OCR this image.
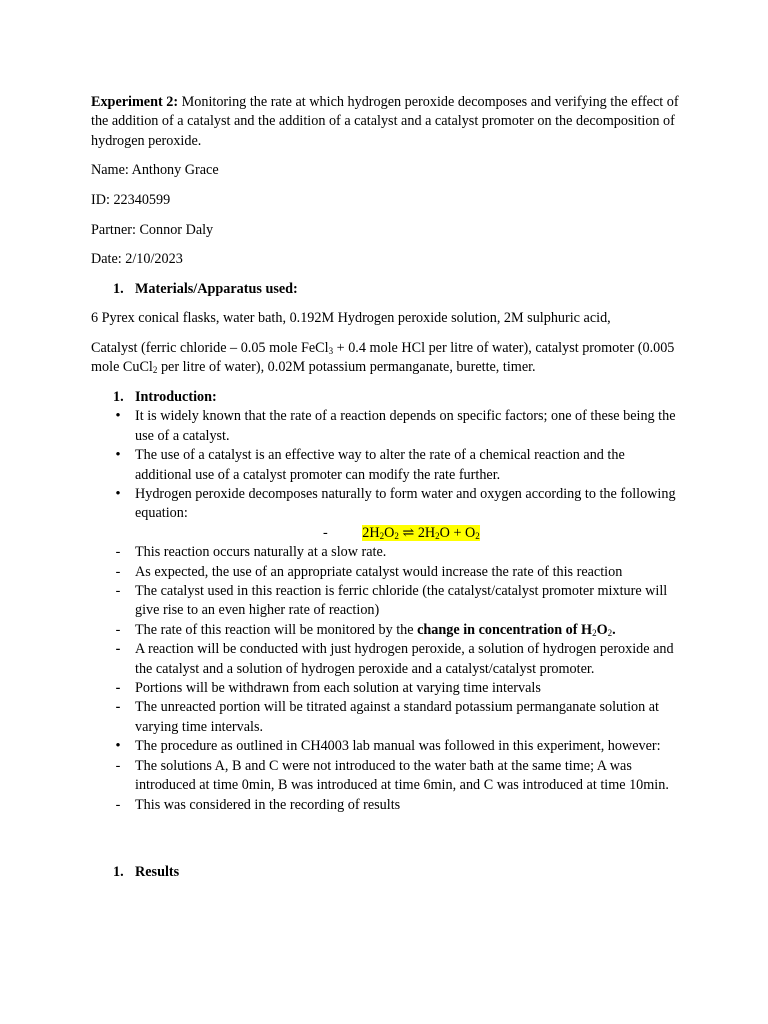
Experiment 2: Monitoring the rate at which hydrogen peroxide decomposes and verifying the effect of the addition of a catalyst and the addition of a catalyst and a catalyst promoter on the decomposition of hydrogen peroxide.

Name: Anthony Grace

ID: 22340599

Partner: Connor Daly

Date: 2/10/2023

1. Materials/Apparatus used:

6 Pyrex conical flasks, water bath, 0.192M Hydrogen peroxide solution, 2M sulphuric acid,

Catalyst (ferric chloride – 0.05 mole FeCl$_3$ + 0.4 mole HCl per litre of water), catalyst promoter (0.005 mole CuCl$_2$ per litre of water), 0.02M potassium permanganate, burette, timer.

1. Introduction:

•	It is widely known that the rate of a reaction depends on specific factors; one of these being the use of a catalyst.

•	The use of a catalyst is an effective way to alter the rate of a chemical reaction and the additional use of a catalyst promoter can modify the rate further.

•	Hydrogen peroxide decomposes naturally to form water and oxygen according to the following equation:

- $2H_2O_2$ ⇌ $2H_2O + O_2$

-	This reaction occurs naturally at a slow rate.

-	As expected, the use of an appropriate catalyst would increase the rate of this reaction

-	The catalyst used in this reaction is ferric chloride (the catalyst/catalyst promoter mixture will give rise to an even higher rate of reaction)

-	The rate of this reaction will be monitored by the change in concentration of $H_2O_2$.

-	A reaction will be conducted with just hydrogen peroxide, a solution of hydrogen peroxide and the catalyst and a solution of hydrogen peroxide and a catalyst/catalyst promoter.

-	Portions will be withdrawn from each solution at varying time intervals

-	The unreacted portion will be titrated against a standard potassium permanganate solution at varying time intervals.

•	The procedure as outlined in CH4003 lab manual was followed in this experiment, however:

-	The solutions A, B and C were not introduced to the water bath at the same time; A was introduced at time 0min, B was introduced at time 6min, and C was introduced at time 10min.

-	This was considered in the recording of results

1. Results
